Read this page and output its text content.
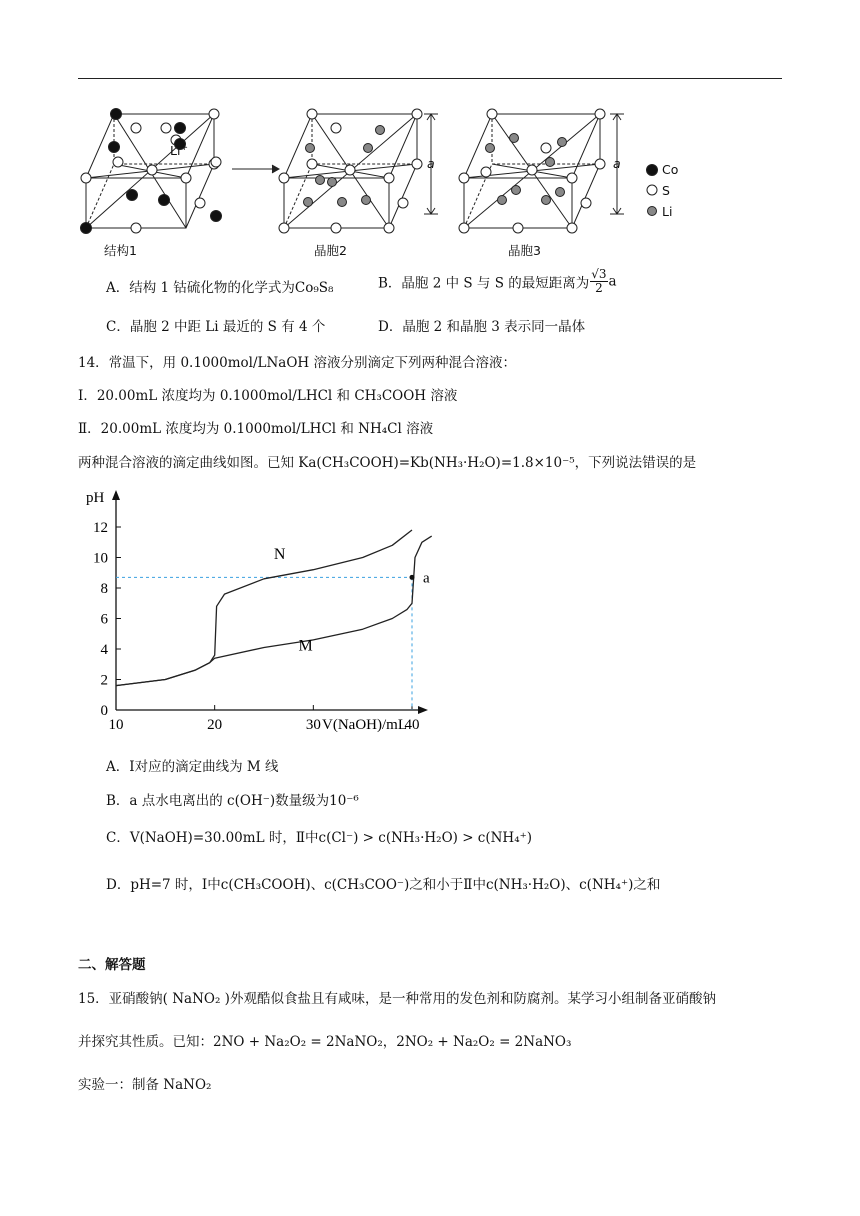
Li+
a	a	Co
S
Li
结构1	晶胞2	晶胞3
A．结构 1 钴硫化物的化学式为Co₉S₈	B．晶胞 2 中 S 与 S 的最短距离为 $\frac{√3}{2}$ a
C．晶胞 2 中距 Li 最近的 S 有 4 个	D．晶胞 2 和晶胞 3 表示同一晶体
14．常温下，用 0.1000mol/LNaOH 溶液分别滴定下列两种混合溶液：
Ⅰ．20.00mL 浓度均为 0.1000mol/LHCl 和 CH₃COOH 溶液
Ⅱ．20.00mL 浓度均为 0.1000mol/LHCl 和 NH₄Cl 溶液
两种混合溶液的滴定曲线如图。已知 Ka(CH₃COOH)=Kb(NH₃·H₂O)=1.8×10⁻⁵，下列说法错误的是
pH
V(NaOH)/mL
0
2
4
6
8
10
12
10	20	30	40
N
M
a
A．Ⅰ对应的滴定曲线为 M 线
B．a 点水电离出的 c(OH⁻)数量级为10⁻⁶
C．V(NaOH)=30.00mL 时，Ⅱ中c(Cl⁻) > c(NH₃·H₂O) > c(NH₄⁺)
D．pH=7 时，Ⅰ中c(CH₃COOH)、c(CH₃COO⁻)之和小于Ⅱ中c(NH₃·H₂O)、c(NH₄⁺)之和
二、解答题
15．亚硝酸钠( NaNO₂ )外观酷似食盐且有咸味，是一种常用的发色剂和防腐剂。某学习小组制备亚硝酸钠
并探究其性质。已知：2NO + Na₂O₂ = 2NaNO₂，2NO₂ + Na₂O₂ = 2NaNO₃
实验一：制备 NaNO₂
